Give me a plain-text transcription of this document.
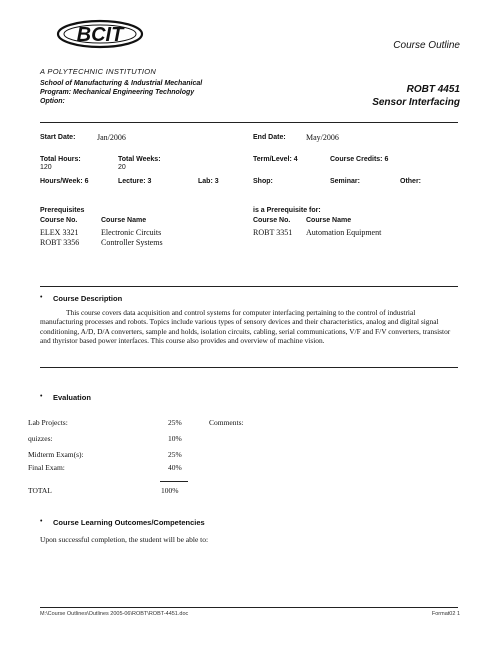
BCIT
A POLYTECHNIC INSTITUTION
School of Manufacturing & Industrial Mechanical
Program: Mechanical Engineering Technology
Option:
Course Outline
ROBT 4451
Sensor Interfacing
Start Date:	Jan/2006	End Date:	May/2006
Total Hours:
120
Total Weeks:
20
Term/Level: 4	Course Credits: 6
Hours/Week: 6	Lecture: 3	Lab: 3	Shop:	Seminar:	Other:
Prerequisites
Course No.	Course Name
ELEX 3321	Electronic Circuits
ROBT 3356	Controller Systems
is a Prerequisite for:
Course No. Course Name
ROBT 3351 Automation Equipment
• Course Description
This course covers data acquisition and control systems for computer interfacing pertaining to the control of industrial manufacturing processes and robots. Topics include various types of sensory devices and their characteristics, analog and digital signal conditioning, A/D, D/A converters, sample and holds, isolation circuits, cabling, serial communications, V/F and F/V converters, transistor and thyristor based power interfaces. This course also provides and overview of machine vision.
• Evaluation
Lab Projects:	25%	Comments:
quizzes:	10%
Midterm Exam(s):	25%
Final Exam:	40%
TOTAL	100%
• Course Learning Outcomes/Competencies
Upon successful completion, the student will be able to:
M:\Course Outlines\Outlines 2005-06\ROBT\ROBT-4451.doc	Format02 1
